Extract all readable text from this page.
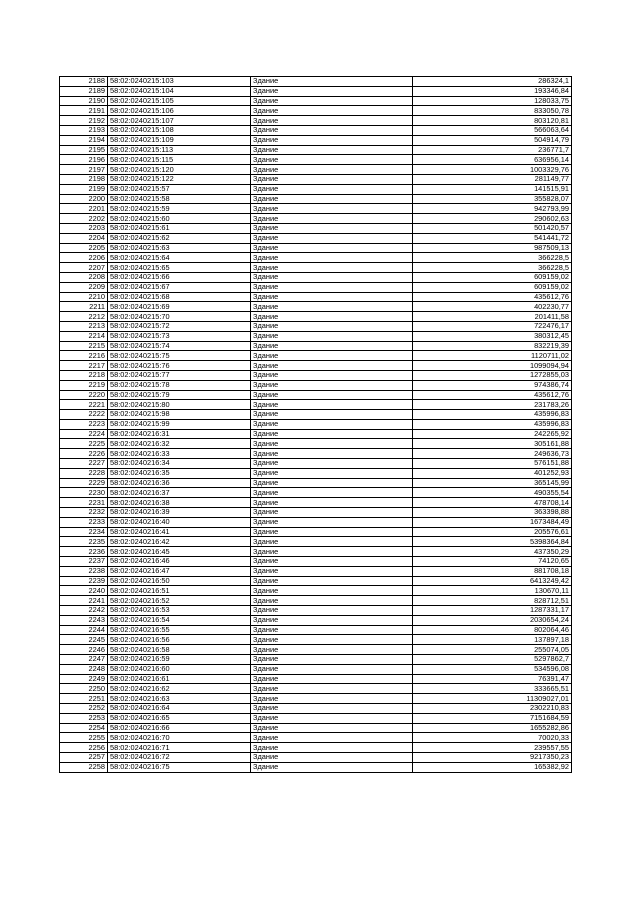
2188	58:02:0240215:103	Здание	286324,1
2189	58:02:0240215:104	Здание	193346,84
2190	58:02:0240215:105	Здание	128033,75
2191	58:02:0240215:106	Здание	833050,78
2192	58:02:0240215:107	Здание	803120,81
2193	58:02:0240215:108	Здание	566063,64
2194	58:02:0240215:109	Здание	504914,79
2195	58:02:0240215:113	Здание	236771,7
2196	58:02:0240215:115	Здание	636956,14
2197	58:02:0240215:120	Здание	1003329,76
2198	58:02:0240215:122	Здание	281149,77
2199	58:02:0240215:57	Здание	141515,91
2200	58:02:0240215:58	Здание	355828,07
2201	58:02:0240215:59	Здание	942793,99
2202	58:02:0240215:60	Здание	290602,63
2203	58:02:0240215:61	Здание	501420,57
2204	58:02:0240215:62	Здание	541441,72
2205	58:02:0240215:63	Здание	987509,13
2206	58:02:0240215:64	Здание	366228,5
2207	58:02:0240215:65	Здание	366228,5
2208	58:02:0240215:66	Здание	609159,02
2209	58:02:0240215:67	Здание	609159,02
2210	58:02:0240215:68	Здание	435612,76
2211	58:02:0240215:69	Здание	402230,77
2212	58:02:0240215:70	Здание	201411,58
2213	58:02:0240215:72	Здание	722476,17
2214	58:02:0240215:73	Здание	380312,45
2215	58:02:0240215:74	Здание	832219,39
2216	58:02:0240215:75	Здание	1120711,02
2217	58:02:0240215:76	Здание	1099094,94
2218	58:02:0240215:77	Здание	1272855,03
2219	58:02:0240215:78	Здание	974386,74
2220	58:02:0240215:79	Здание	435612,76
2221	58:02:0240215:80	Здание	231783,26
2222	58:02:0240215:98	Здание	435996,83
2223	58:02:0240215:99	Здание	435996,83
2224	58:02:0240216:31	Здание	242265,92
2225	58:02:0240216:32	Здание	305161,88
2226	58:02:0240216:33	Здание	249636,73
2227	58:02:0240216:34	Здание	576151,88
2228	58:02:0240216:35	Здание	401252,93
2229	58:02:0240216:36	Здание	365145,99
2230	58:02:0240216:37	Здание	490355,54
2231	58:02:0240216:38	Здание	478708,14
2232	58:02:0240216:39	Здание	363398,88
2233	58:02:0240216:40	Здание	1673484,49
2234	58:02:0240216:41	Здание	205576,61
2235	58:02:0240216:42	Здание	5398364,84
2236	58:02:0240216:45	Здание	437350,29
2237	58:02:0240216:46	Здание	74120,65
2238	58:02:0240216:47	Здание	881708,18
2239	58:02:0240216:50	Здание	6413249,42
2240	58:02:0240216:51	Здание	130670,11
2241	58:02:0240216:52	Здание	828712,51
2242	58:02:0240216:53	Здание	1287331,17
2243	58:02:0240216:54	Здание	2030654,24
2244	58:02:0240216:55	Здание	802064,46
2245	58:02:0240216:56	Здание	137897,18
2246	58:02:0240216:58	Здание	255074,05
2247	58:02:0240216:59	Здание	5297862,7
2248	58:02:0240216:60	Здание	534596,08
2249	58:02:0240216:61	Здание	76391,47
2250	58:02:0240216:62	Здание	333665,51
2251	58:02:0240216:63	Здание	11309027,01
2252	58:02:0240216:64	Здание	2302210,83
2253	58:02:0240216:65	Здание	7151684,59
2254	58:02:0240216:66	Здание	1655282,86
2255	58:02:0240216:70	Здание	70020,33
2256	58:02:0240216:71	Здание	239557,55
2257	58:02:0240216:72	Здание	9217350,23
2258	58:02:0240216:75	Здание	165382,92
